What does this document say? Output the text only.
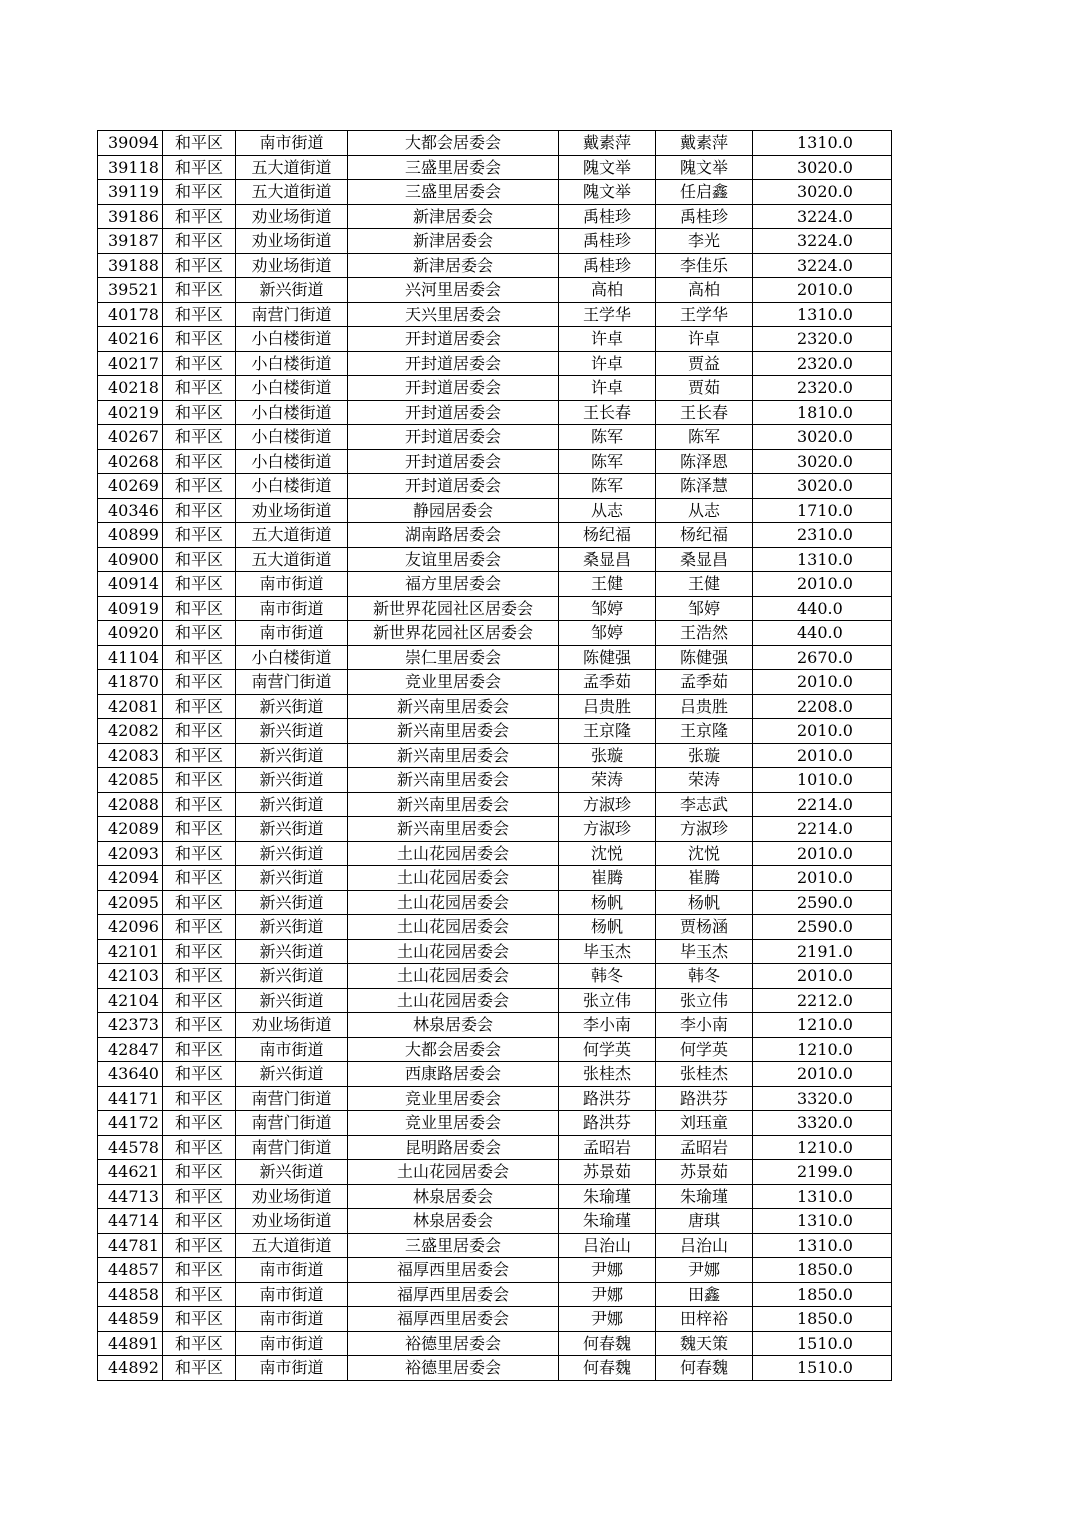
39094	和平区	南市街道	大都会居委会	戴素萍	戴素萍	1310.0
39118	和平区	五大道街道	三盛里居委会	隗文举	隗文举	3020.0
39119	和平区	五大道街道	三盛里居委会	隗文举	任启鑫	3020.0
39186	和平区	劝业场街道	新津居委会	禹桂珍	禹桂珍	3224.0
39187	和平区	劝业场街道	新津居委会	禹桂珍	李光	3224.0
39188	和平区	劝业场街道	新津居委会	禹桂珍	李佳乐	3224.0
39521	和平区	新兴街道	兴河里居委会	高柏	高柏	2010.0
40178	和平区	南营门街道	天兴里居委会	王学华	王学华	1310.0
40216	和平区	小白楼街道	开封道居委会	许卓	许卓	2320.0
40217	和平区	小白楼街道	开封道居委会	许卓	贾益	2320.0
40218	和平区	小白楼街道	开封道居委会	许卓	贾茹	2320.0
40219	和平区	小白楼街道	开封道居委会	王长春	王长春	1810.0
40267	和平区	小白楼街道	开封道居委会	陈军	陈军	3020.0
40268	和平区	小白楼街道	开封道居委会	陈军	陈泽恩	3020.0
40269	和平区	小白楼街道	开封道居委会	陈军	陈泽慧	3020.0
40346	和平区	劝业场街道	静园居委会	从志	从志	1710.0
40899	和平区	五大道街道	湖南路居委会	杨纪福	杨纪福	2310.0
40900	和平区	五大道街道	友谊里居委会	桑显昌	桑显昌	1310.0
40914	和平区	南市街道	福方里居委会	王健	王健	2010.0
40919	和平区	南市街道	新世界花园社区居委会	邹婷	邹婷	440.0
40920	和平区	南市街道	新世界花园社区居委会	邹婷	王浩然	440.0
41104	和平区	小白楼街道	崇仁里居委会	陈健强	陈健强	2670.0
41870	和平区	南营门街道	竞业里居委会	孟季茹	孟季茹	2010.0
42081	和平区	新兴街道	新兴南里居委会	吕贵胜	吕贵胜	2208.0
42082	和平区	新兴街道	新兴南里居委会	王京隆	王京隆	2010.0
42083	和平区	新兴街道	新兴南里居委会	张璇	张璇	2010.0
42085	和平区	新兴街道	新兴南里居委会	荣涛	荣涛	1010.0
42088	和平区	新兴街道	新兴南里居委会	方淑珍	李志武	2214.0
42089	和平区	新兴街道	新兴南里居委会	方淑珍	方淑珍	2214.0
42093	和平区	新兴街道	土山花园居委会	沈悦	沈悦	2010.0
42094	和平区	新兴街道	土山花园居委会	崔腾	崔腾	2010.0
42095	和平区	新兴街道	土山花园居委会	杨帆	杨帆	2590.0
42096	和平区	新兴街道	土山花园居委会	杨帆	贾杨涵	2590.0
42101	和平区	新兴街道	土山花园居委会	毕玉杰	毕玉杰	2191.0
42103	和平区	新兴街道	土山花园居委会	韩冬	韩冬	2010.0
42104	和平区	新兴街道	土山花园居委会	张立伟	张立伟	2212.0
42373	和平区	劝业场街道	林泉居委会	李小南	李小南	1210.0
42847	和平区	南市街道	大都会居委会	何学英	何学英	1210.0
43640	和平区	新兴街道	西康路居委会	张桂杰	张桂杰	2010.0
44171	和平区	南营门街道	竞业里居委会	路洪芬	路洪芬	3320.0
44172	和平区	南营门街道	竞业里居委会	路洪芬	刘珏童	3320.0
44578	和平区	南营门街道	昆明路居委会	孟昭岩	孟昭岩	1210.0
44621	和平区	新兴街道	土山花园居委会	苏景茹	苏景茹	2199.0
44713	和平区	劝业场街道	林泉居委会	朱瑜瑾	朱瑜瑾	1310.0
44714	和平区	劝业场街道	林泉居委会	朱瑜瑾	唐琪	1310.0
44781	和平区	五大道街道	三盛里居委会	吕治山	吕治山	1310.0
44857	和平区	南市街道	福厚西里居委会	尹娜	尹娜	1850.0
44858	和平区	南市街道	福厚西里居委会	尹娜	田鑫	1850.0
44859	和平区	南市街道	福厚西里居委会	尹娜	田梓裕	1850.0
44891	和平区	南市街道	裕德里居委会	何春魏	魏天策	1510.0
44892	和平区	南市街道	裕德里居委会	何春魏	何春魏	1510.0
